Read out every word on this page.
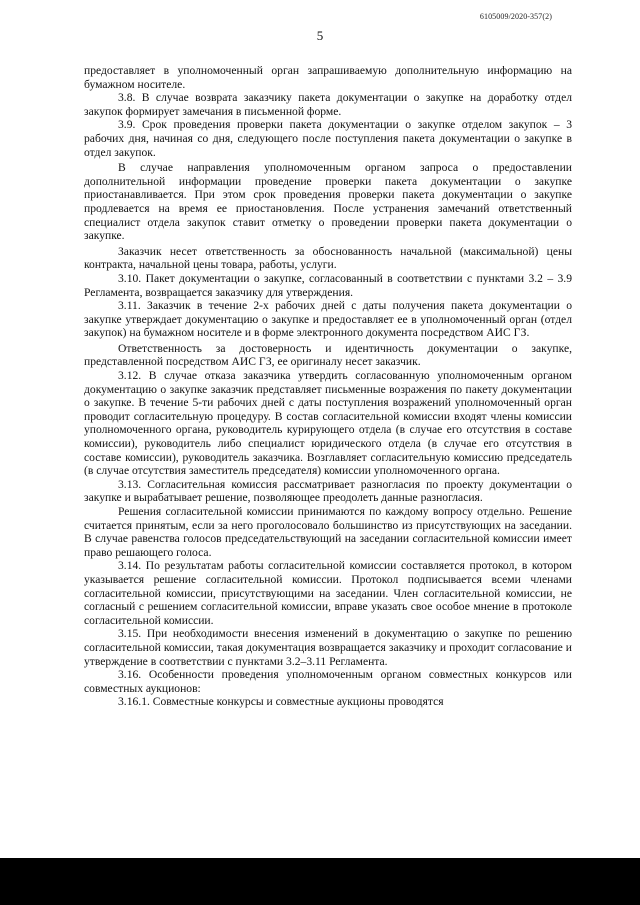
6105009/2020-357(2)
5

предоставляет в уполномоченный орган запрашиваемую дополнительную информацию на бумажном носителе.

3.8. В случае возврата заказчику пакета документации о закупке на доработку отдел закупок формирует замечания в письменной форме.

3.9. Срок проведения проверки пакета документации о закупке отделом закупок – 3 рабочих дня, начиная со дня, следующего после поступления пакета документации о закупке в отдел закупок.

В случае направления уполномоченным органом запроса о предоставлении дополнительной информации проведение проверки пакета документации о закупке приостанавливается. При этом срок проведения проверки пакета документации о закупке продлевается на время ее приостановления. После устранения замечаний ответственный специалист отдела закупок ставит отметку о проведении проверки пакета документации о закупке.

Заказчик несет ответственность за обоснованность начальной (максимальной) цены контракта, начальной цены товара, работы, услуги.

3.10. Пакет документации о закупке, согласованный в соответствии с пунктами 3.2 – 3.9 Регламента, возвращается заказчику для утверждения.

3.11. Заказчик в течение 2-х рабочих дней с даты получения пакета документации о закупке утверждает документацию о закупке и предоставляет ее в уполномоченный орган (отдел закупок) на бумажном носителе и в форме электронного документа посредством АИС ГЗ.

Ответственность за достоверность и идентичность документации о закупке, представленной посредством АИС ГЗ, ее оригиналу несет заказчик.

3.12. В случае отказа заказчика утвердить согласованную уполномоченным органом документацию о закупке заказчик представляет письменные возражения по пакету документации о закупке. В течение 5-ти рабочих дней с даты поступления возражений уполномоченный орган проводит согласительную процедуру. В состав согласительной комиссии входят члены комиссии уполномоченного органа, руководитель курирующего отдела (в случае его отсутствия в составе комиссии), руководитель либо специалист юридического отдела (в случае его отсутствия в составе комиссии), руководитель заказчика. Возглавляет согласительную комиссию председатель (в случае отсутствия заместитель председателя) комиссии уполномоченного органа.

3.13. Согласительная комиссия рассматривает разногласия по проекту документации о закупке и вырабатывает решение, позволяющее преодолеть данные разногласия.

Решения согласительной комиссии принимаются по каждому вопросу отдельно. Решение считается принятым, если за него проголосовало большинство из присутствующих на заседании. В случае равенства голосов председательствующий на заседании согласительной комиссии имеет право решающего голоса.

3.14. По результатам работы согласительной комиссии составляется протокол, в котором указывается решение согласительной комиссии. Протокол подписывается всеми членами согласительной комиссии, присутствующими на заседании. Член согласительной комиссии, не согласный с решением согласительной комиссии, вправе указать свое особое мнение в протоколе согласительной комиссии.

3.15. При необходимости внесения изменений в документацию о закупке по решению согласительной комиссии, такая документация возвращается заказчику и проходит согласование и утверждение в соответствии с пунктами 3.2–3.11 Регламента.

3.16. Особенности проведения уполномоченным органом совместных конкурсов или совместных аукционов:

3.16.1. Совместные конкурсы и совместные аукционы проводятся
